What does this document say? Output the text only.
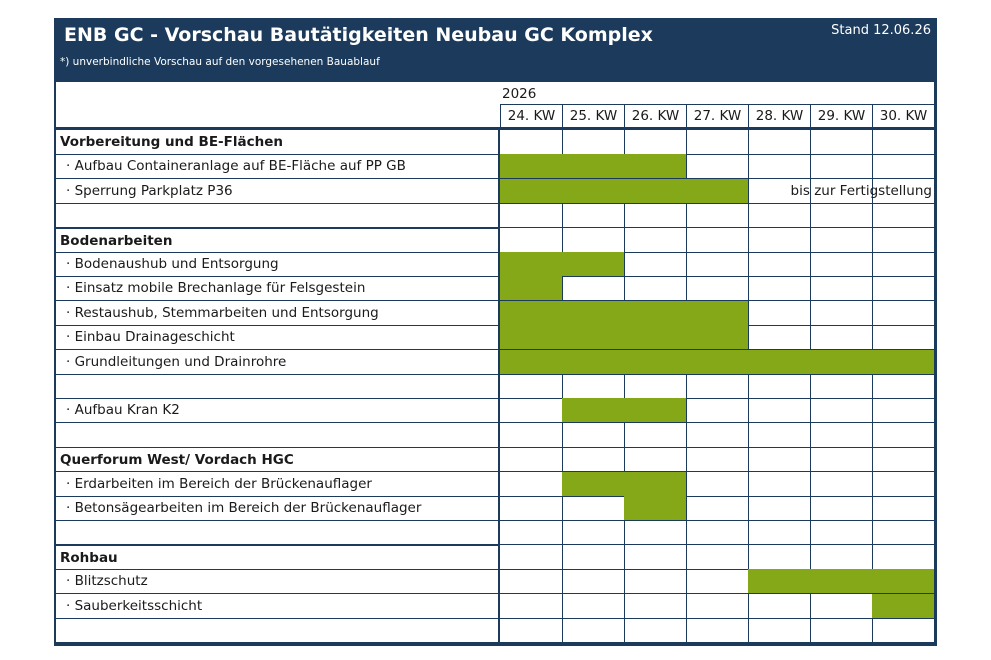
ENB GC - Vorschau Bautätigkeiten Neubau GC Komplex	Stand 12.06.26
*) unverbindliche Vorschau auf den vorgesehenen Bauablauf
2026
24. KW	25. KW	26. KW	27. KW	28. KW	29. KW	30. KW
Vorbereitung und BE-Flächen
· Aufbau Containeranlage auf BE-Fläche auf PP GB
· Sperrung Parkplatz P36	bis zur Fertigstellung
Bodenarbeiten
· Bodenaushub und Entsorgung
· Einsatz mobile Brechanlage für Felsgestein
· Restaushub, Stemmarbeiten und Entsorgung
· Einbau Drainageschicht
· Grundleitungen und Drainrohre
· Aufbau Kran K2
Querforum West/ Vordach HGC
· Erdarbeiten im Bereich der Brückenauflager
· Betonsägearbeiten im Bereich der Brückenauflager
Rohbau
· Blitzschutz
· Sauberkeitsschicht
